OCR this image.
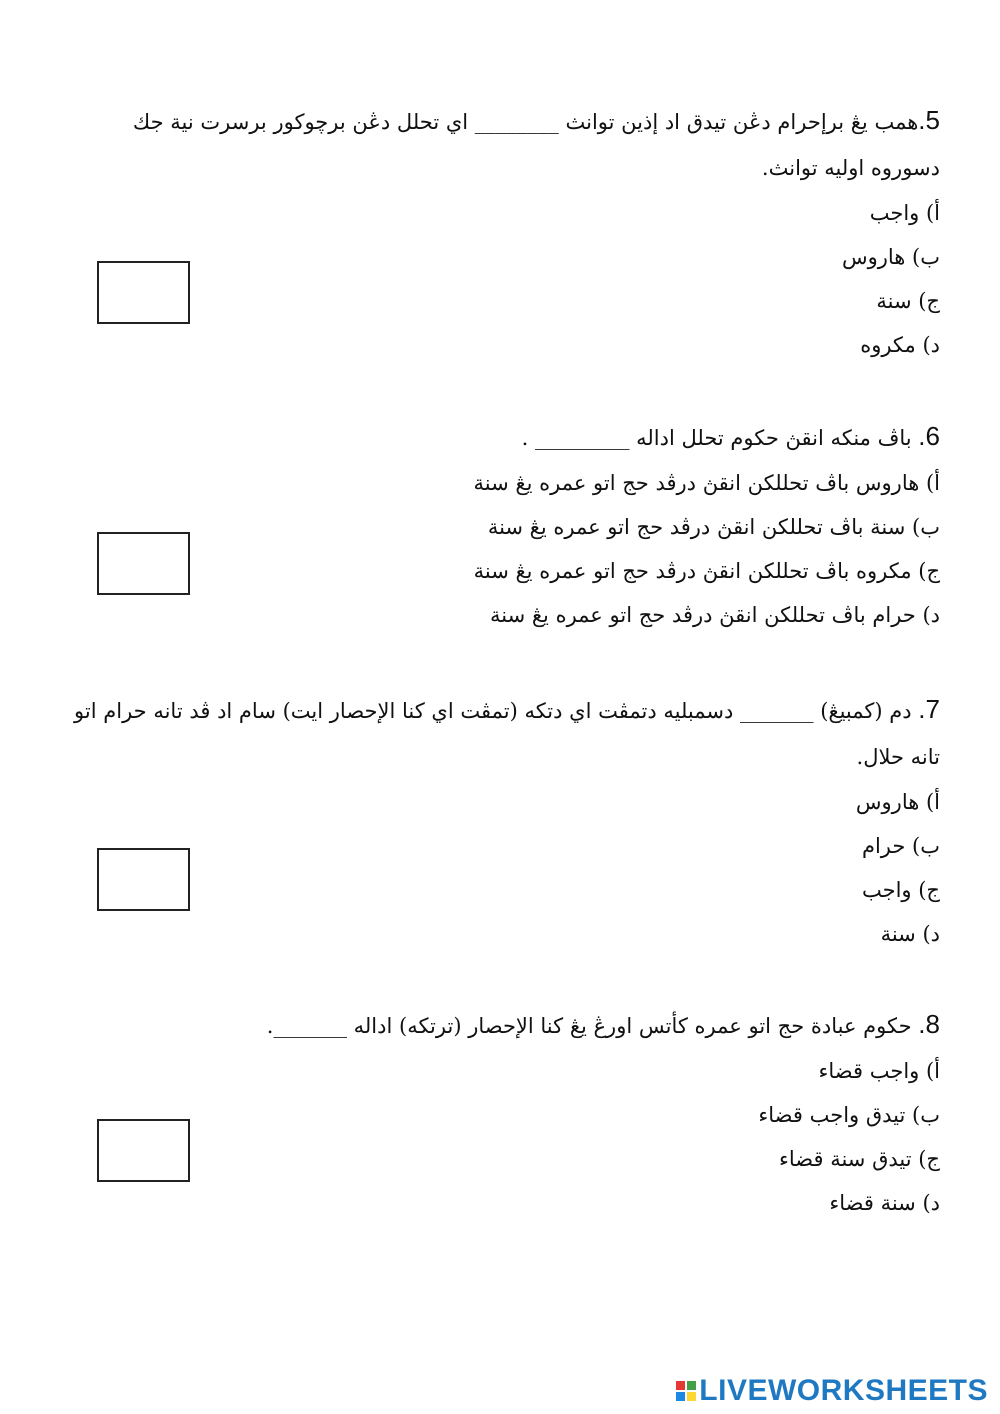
5.همب يڠ برإحرام دڠن تيدق اد إذين توانث ________ اي تحلل دڠن برچوكور برسرت نية جك دسوروه اوليه توانث.
أ) واجب
ب) هاروس
ج) سنة
د) مكروه
6. باڤ منكه انقڽ حكوم تحلل اداله _________ .
أ) هاروس باڤ تحللكن انقڽ درڤد حج اتو عمره يڠ سنة
ب) سنة باڤ تحللكن انقڽ درڤد حج اتو عمره يڠ سنة
ج) مكروه باڤ تحللكن انقڽ درڤد حج اتو عمره يڠ سنة
د) حرام باڤ تحللكن انقڽ درڤد حج اتو عمره يڠ سنة
7. دم (كمبيڠ) _______ دسمبليه دتمڤت اي دتكه (تمڤت اي كنا الإحصار ايت) سام اد ڤد تانه حرام اتو تانه حلال.
أ) هاروس
ب) حرام
ج) واجب
د) سنة
8. حكوم عبادة حج اتو عمره كأتس اورڠ يڠ كنا الإحصار (ترتكه) اداله _______.
أ) واجب قضاء
ب) تيدق واجب قضاء
ج) تيدق سنة قضاء
د) سنة قضاء
LIVEWORKSHEETS
